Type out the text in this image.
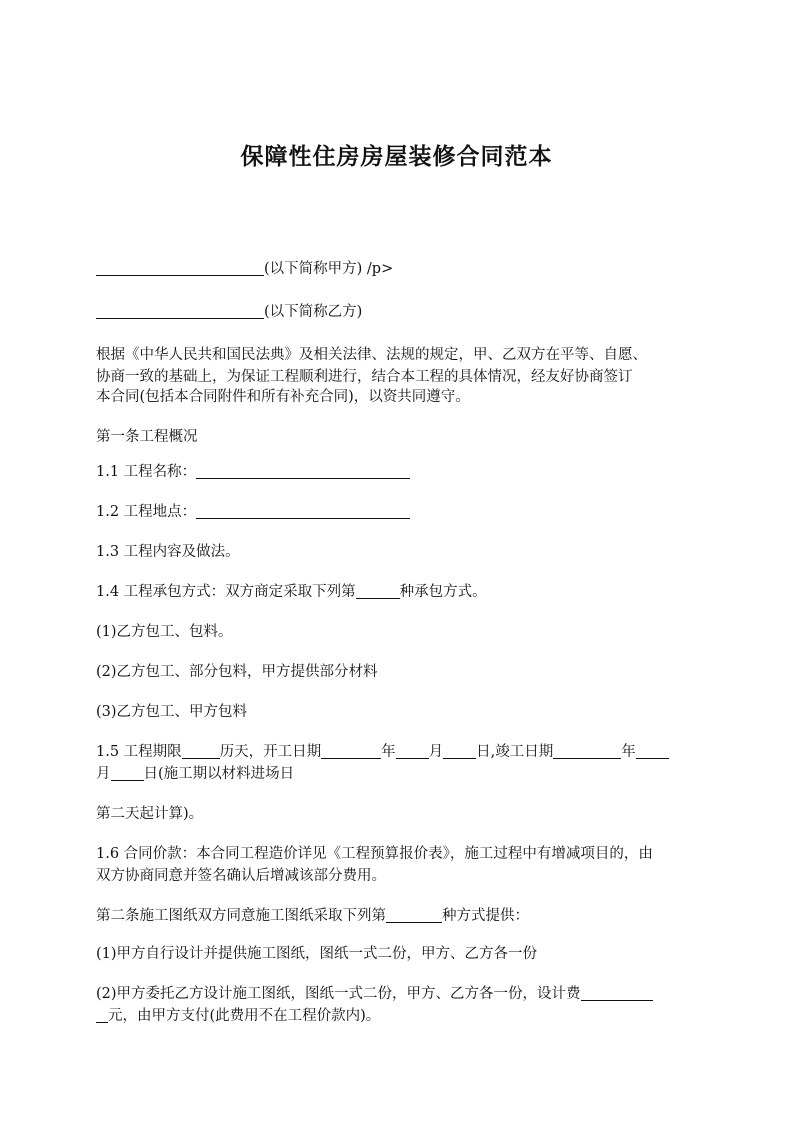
保障性住房房屋装修合同范本
(以下简称甲方) /p>
(以下简称乙方)
根据《中华人民共和国民法典》及相关法律、法规的规定，甲、乙双方在平等、自愿、
协商一致的基础上，为保证工程顺利进行，结合本工程的具体情况，经友好协商签订
本合同(包括本合同附件和所有补充合同)，以资共同遵守。
第一条工程概况
1.1 工程名称：
1.2 工程地点：
1.3 工程内容及做法。
1.4 工程承包方式：双方商定采取下列第	种承包方式。
(1)乙方包工、包料。
(2)乙方包工、部分包料，甲方提供部分材料
(3)乙方包工、甲方包料
1.5 工程期限	历天，开工日期	年 月 日,竣工日期	年
月 日(施工期以材料进场日
第二天起计算)。
1.6 合同价款：本合同工程造价详见《工程预算报价表》，施工过程中有增减项目的，由
双方协商同意并签名确认后增减该部分费用。
第二条施工图纸双方同意施工图纸采取下列第	种方式提供：
(1)甲方自行设计并提供施工图纸，图纸一式二份，甲方、乙方各一份
(2)甲方委托乙方设计施工图纸，图纸一式二份，甲方、乙方各一份，设计费
元，由甲方支付(此费用不在工程价款内)。
